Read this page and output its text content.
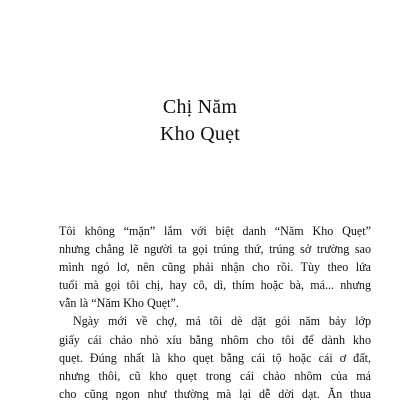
Chị Năm
Kho Quẹt
Tôi không “mặn” lắm với biệt danh “Năm Kho Quẹt”
nhưng chẳng lẽ người ta gọi trúng thứ, trúng sở trường sao
mình ngó lơ, nên cũng phải nhận cho rồi. Tùy theo lứa
tuổi mà gọi tôi chị, hay cô, dì, thím hoặc bà, má... nhưng
vẫn là “Năm Kho Quẹt”.
Ngày mới về chợ, má tôi dè dặt gói năm bảy lớp
giấy cái chảo nhỏ xíu bằng nhôm cho tôi để dành kho
quẹt. Đúng nhất là kho quẹt bằng cái tộ hoặc cái ơ đất,
nhưng thôi, cũ kho quẹt trong cái chảo nhôm của má
cho cũng ngon như thường mà lại dễ dời dạt. Ăn thua
